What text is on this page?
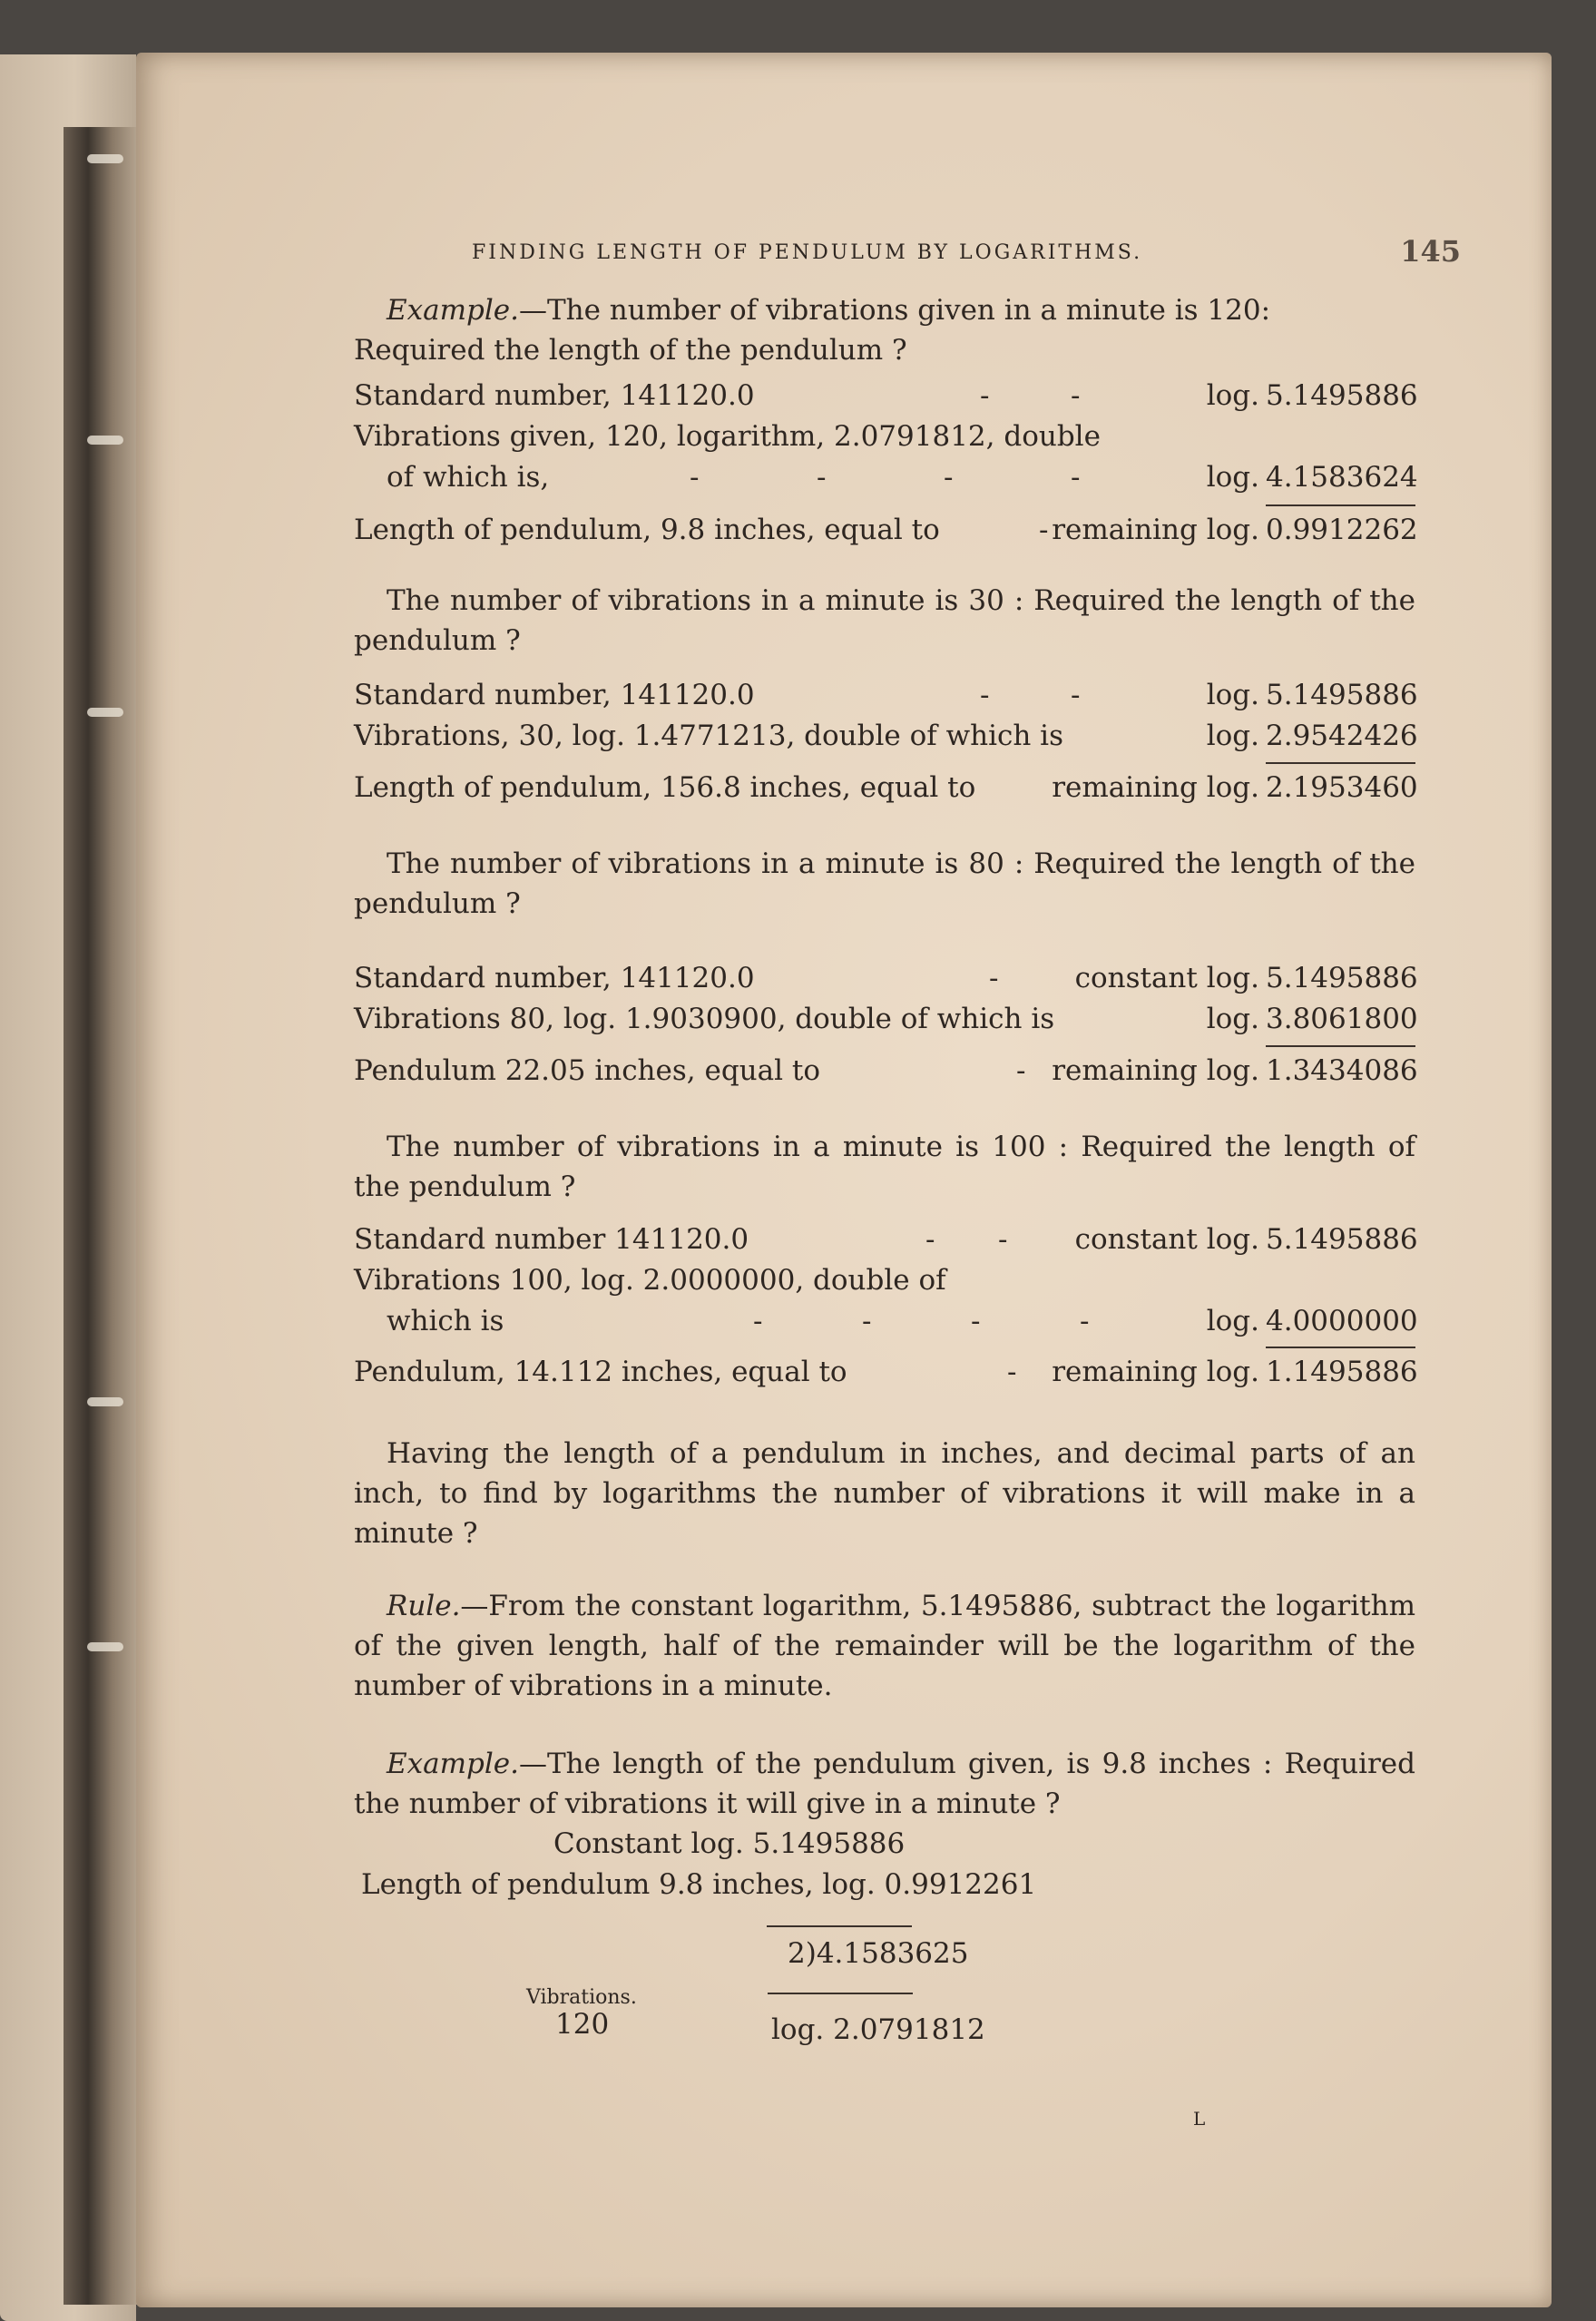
FINDING LENGTH OF PENDULUM BY LOGARITHMS.	145
Example.—The number of vibrations given in a minute is 120:
Required the length of the pendulum ?
Standard number, 141120.0	-	-	log. 5.1495886
Vibrations given, 120, logarithm, 2.0791812, double
of which is,	-	-	-	-	log. 4.1583624
Length of pendulum, 9.8 inches, equal to	- remaining log. 0.9912262
The number of vibrations in a minute is 30 : Required the length of the pendulum ?
Standard number, 141120.0	-	-	log. 5.1495886
Vibrations, 30, log. 1.4771213, double of which is	log. 2.9542426
Length of pendulum, 156.8 inches, equal to	remaining log. 2.1953460
The number of vibrations in a minute is 80 : Required the length of the pendulum ?
Standard number, 141120.0	-	constant log. 5.1495886
Vibrations 80, log. 1.9030900, double of which is	log. 3.8061800
Pendulum 22.05 inches, equal to	- remaining log. 1.3434086
The number of vibrations in a minute is 100 : Required the length of the pendulum ?
Standard number 141120.0	- - constant log. 5.1495886
Vibrations 100, log. 2.0000000, double of
which is	-	-	-	-	log. 4.0000000
Pendulum, 14.112 inches, equal to	- remaining log. 1.1495886
Having the length of a pendulum in inches, and decimal parts of an inch, to find by logarithms the number of vibrations it will make in a minute ?
Rule.—From the constant logarithm, 5.1495886, subtract the logarithm of the given length, half of the remainder will be the logarithm of the number of vibrations in a minute.
Example.—The length of the pendulum given, is 9.8 inches : Required the number of vibrations it will give in a minute ?
Constant log. 5.1495886
Length of pendulum 9.8 inches, log. 0.9912261
2)4.1583625
Vibrations.
120	log. 2.0791812
L
